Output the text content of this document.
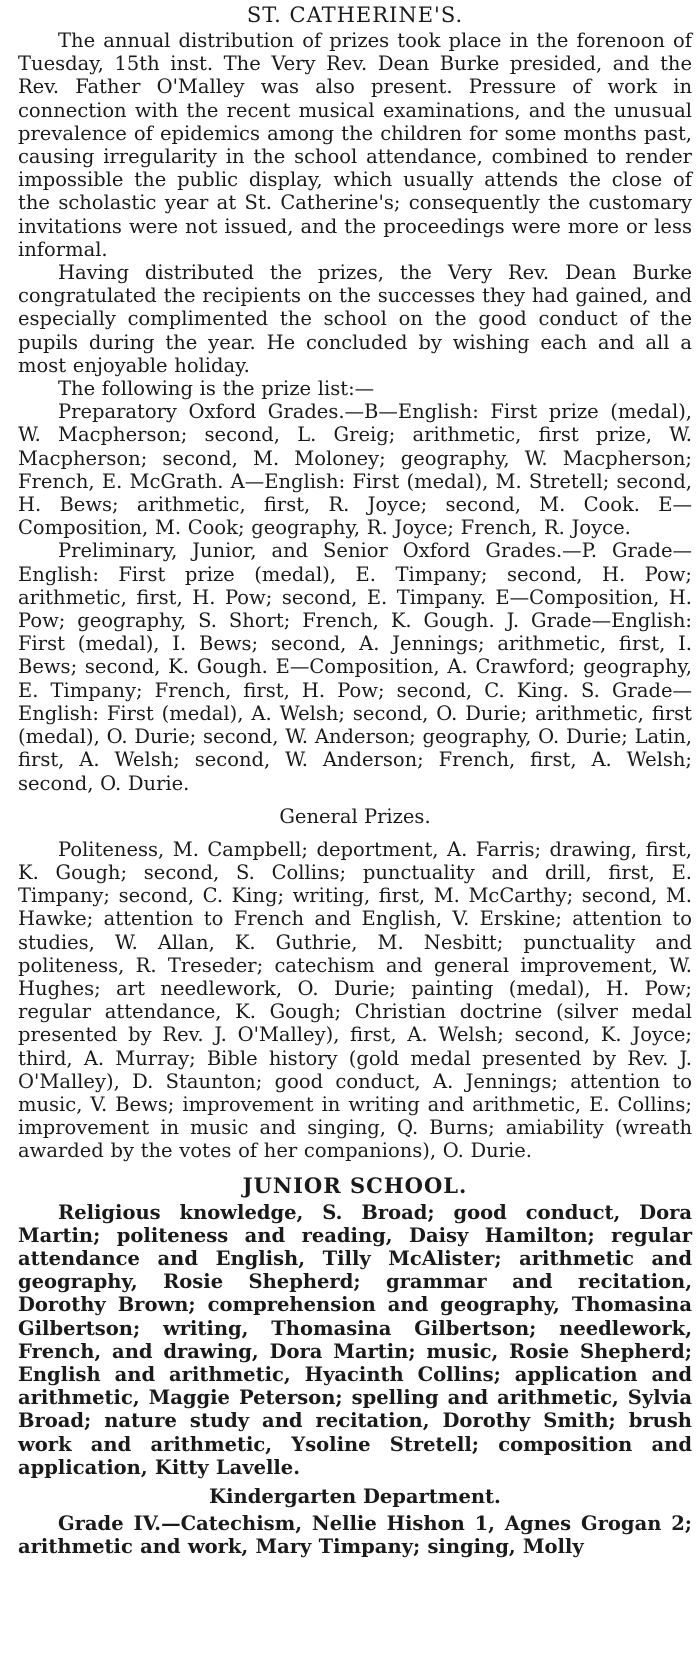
ST. CATHERINE'S.

The annual distribution of prizes took place in the forenoon of Tuesday, 15th inst. The Very Rev. Dean Burke presided, and the Rev. Father O'Malley was also present. Pressure of work in connection with the recent musical examinations, and the unusual prevalence of epidemics among the children for some months past, causing irregularity in the school attendance, combined to render impossible the public display, which usually attends the close of the scholastic year at St. Catherine's; consequently the customary invitations were not issued, and the proceedings were more or less informal.

Having distributed the prizes, the Very Rev. Dean Burke congratulated the recipients on the successes they had gained, and especially complimented the school on the good conduct of the pupils during the year. He concluded by wishing each and all a most enjoyable holiday.

The following is the prize list:—

Preparatory Oxford Grades.—B—English: First prize (medal), W. Macpherson; second, L. Greig; arithmetic, first prize, W. Macpherson; second, M. Moloney; geography, W. Macpherson; French, E. McGrath. A—English: First (medal), M. Stretell; second, H. Bews; arithmetic, first, R. Joyce; second, M. Cook. E—Composition, M. Cook; geography, R. Joyce; French, R. Joyce.

Preliminary, Junior, and Senior Oxford Grades.—P. Grade—English: First prize (medal), E. Timpany; second, H. Pow; arithmetic, first, H. Pow; second, E. Timpany. E—Composition, H. Pow; geography, S. Short; French, K. Gough. J. Grade—English: First (medal), I. Bews; second, A. Jennings; arithmetic, first, I. Bews; second, K. Gough. E—Composition, A. Crawford; geography, E. Timpany; French, first, H. Pow; second, C. King. S. Grade—English: First (medal), A. Welsh; second, O. Durie; arithmetic, first (medal), O. Durie; second, W. Anderson; geography, O. Durie; Latin, first, A. Welsh; second, W. Anderson; French, first, A. Welsh; second, O. Durie.

General Prizes.

Politeness, M. Campbell; deportment, A. Farris; drawing, first, K. Gough; second, S. Collins; punctuality and drill, first, E. Timpany; second, C. King; writing, first, M. McCarthy; second, M. Hawke; attention to French and English, V. Erskine; attention to studies, W. Allan, K. Guthrie, M. Nesbitt; punctuality and politeness, R. Treseder; catechism and general improvement, W. Hughes; art needlework, O. Durie; painting (medal), H. Pow; regular attendance, K. Gough; Christian doctrine (silver medal presented by Rev. J. O'Malley), first, A. Welsh; second, K. Joyce; third, A. Murray; Bible history (gold medal presented by Rev. J. O'Malley), D. Staunton; good conduct, A. Jennings; attention to music, V. Bews; improvement in writing and arithmetic, E. Collins; improvement in music and singing, Q. Burns; amiability (wreath awarded by the votes of her companions), O. Durie.

JUNIOR SCHOOL.

Religious knowledge, S. Broad; good conduct, Dora Martin; politeness and reading, Daisy Hamilton; regular attendance and English, Tilly McAlister; arithmetic and geography, Rosie Shepherd; grammar and recitation, Dorothy Brown; comprehension and geography, Thomasina Gilbertson; writing, Thomasina Gilbertson; needlework, French, and drawing, Dora Martin; music, Rosie Shepherd; English and arithmetic, Hyacinth Collins; application and arithmetic, Maggie Peterson; spelling and arithmetic, Sylvia Broad; nature study and recitation, Dorothy Smith; brush work and arithmetic, Ysoline Stretell; composition and application, Kitty Lavelle.

Kindergarten Department.

Grade IV.—Catechism, Nellie Hishon 1, Agnes Grogan 2; arithmetic and work, Mary Timpany; singing, Molly
